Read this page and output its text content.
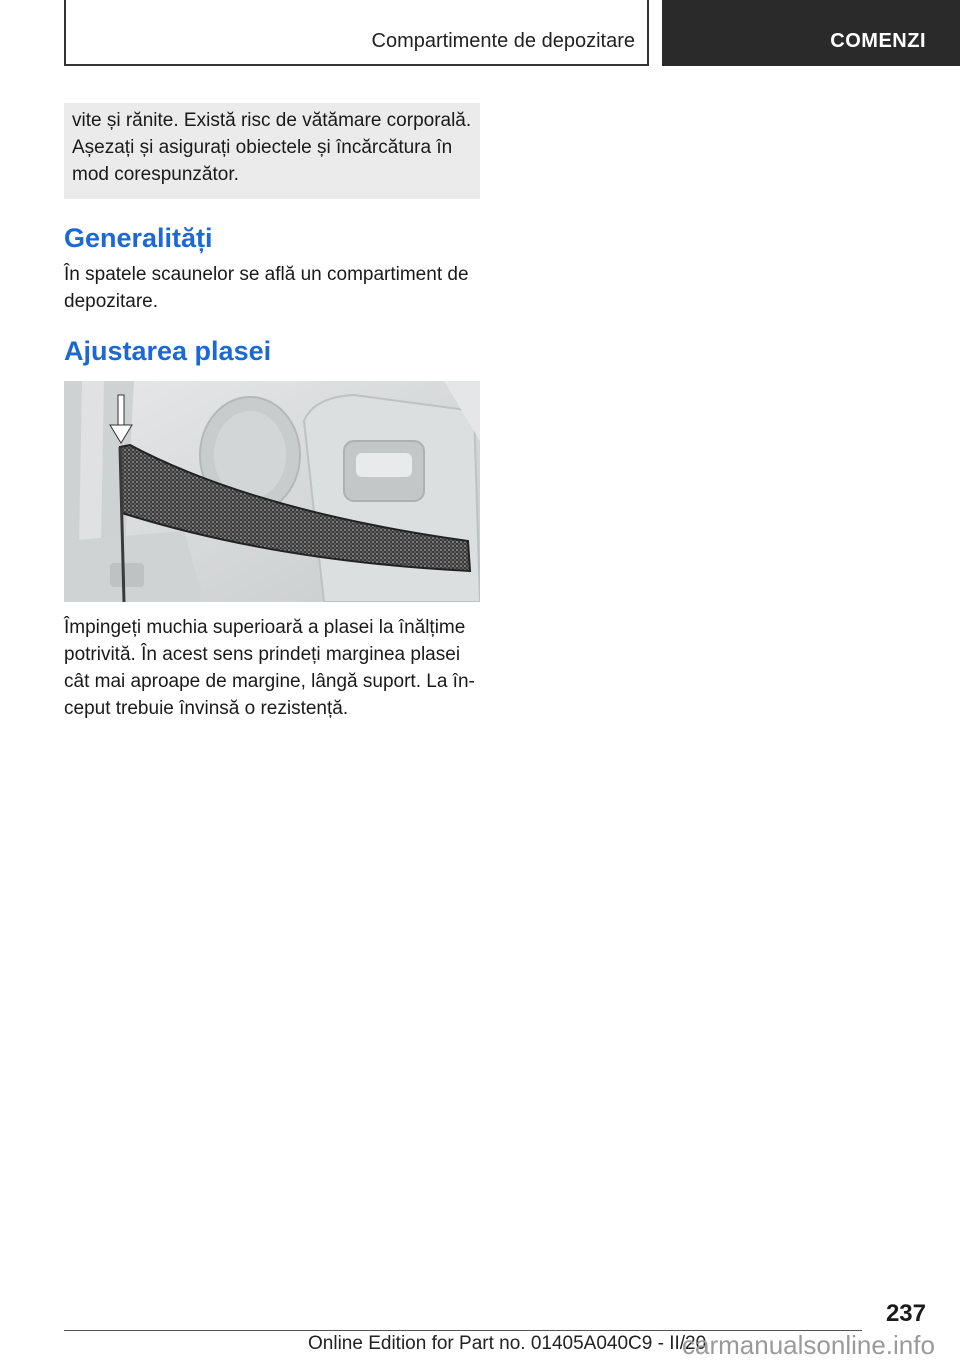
Compartimente de depozitare	COMENZI

vite și rănite. Există risc de vătămare corporală.

Așezați și asigurați obiectele și încărcătura în

mod corespunzător.

Generalități

În spatele scaunelor se află un compartiment de

depozitare.

Ajustarea plasei

Împingeți muchia superioară a plasei la înălțime

potrivită. În acest sens prindeți marginea plasei

cât mai aproape de margine, lângă suport. La în-

ceput trebuie învinsă o rezistență.

237
Online Edition for Part no. 01405A040C9 - II/20
carmanualsonline.info
